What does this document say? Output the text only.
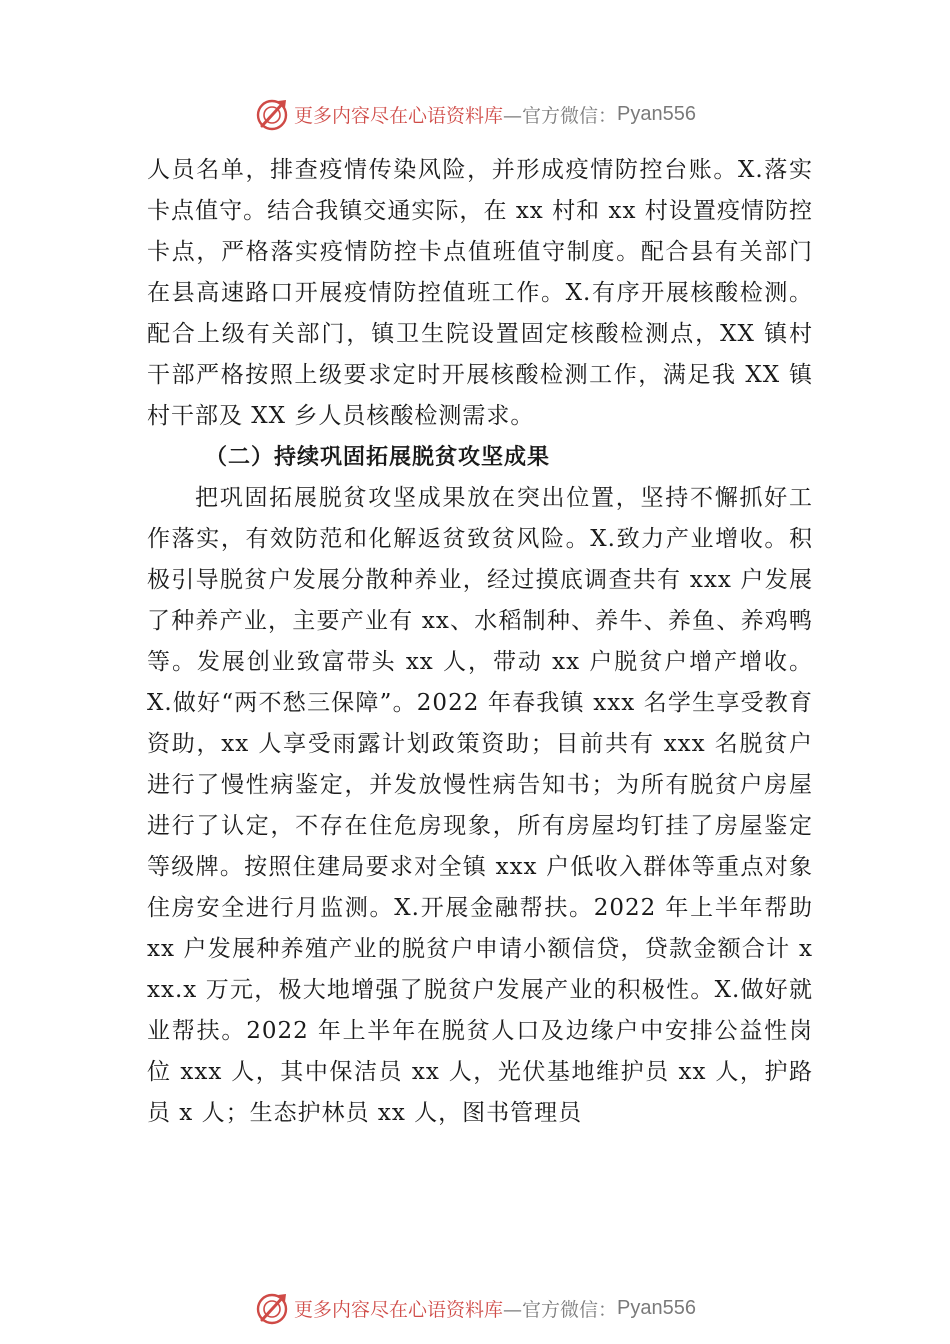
更多内容尽在心语资料库 —官方微信： Pyan556

人员名单，排查疫情传染风险，并形成疫情防控台账。X.落实卡点值守。结合我镇交通实际，在 xx 村和 xx 村设置疫情防控卡点，严格落实疫情防控卡点值班值守制度。配合县有关部门在县高速路口开展疫情防控值班工作。X.有序开展核酸检测。配合上级有关部门，镇卫生院设置固定核酸检测点，XX 镇村干部严格按照上级要求定时开展核酸检测工作，满足我 XX 镇村干部及 XX 乡人员核酸检测需求。

（二）持续巩固拓展脱贫攻坚成果

把巩固拓展脱贫攻坚成果放在突出位置，坚持不懈抓好工作落实，有效防范和化解返贫致贫风险。X.致力产业增收。积极引导脱贫户发展分散种养业，经过摸底调查共有 xxx 户发展了种养产业，主要产业有 xx、水稻制种、养牛、养鱼、养鸡鸭等。发展创业致富带头 xx 人，带动 xx 户脱贫户增产增收。X.做好“两不愁三保障”。2022 年春我镇 xxx 名学生享受教育资助，xx 人享受雨露计划政策资助；目前共有 xxx 名脱贫户进行了慢性病鉴定，并发放慢性病告知书；为所有脱贫户房屋进行了认定，不存在住危房现象，所有房屋均钉挂了房屋鉴定等级牌。按照住建局要求对全镇 xxx 户低收入群体等重点对象住房安全进行月监测。X.开展金融帮扶。2022 年上半年帮助 xx 户发展种养殖产业的脱贫户申请小额信贷，贷款金额合计 xxx.x 万元，极大地增强了脱贫户发展产业的积极性。X.做好就业帮扶。2022 年上半年在脱贫人口及边缘户中安排公益性岗位 xxx 人，其中保洁员 xx 人，光伏基地维护员 xx 人，护路员 x 人；生态护林员 xx 人，图书管理员

更多内容尽在心语资料库 —官方微信： Pyan556
